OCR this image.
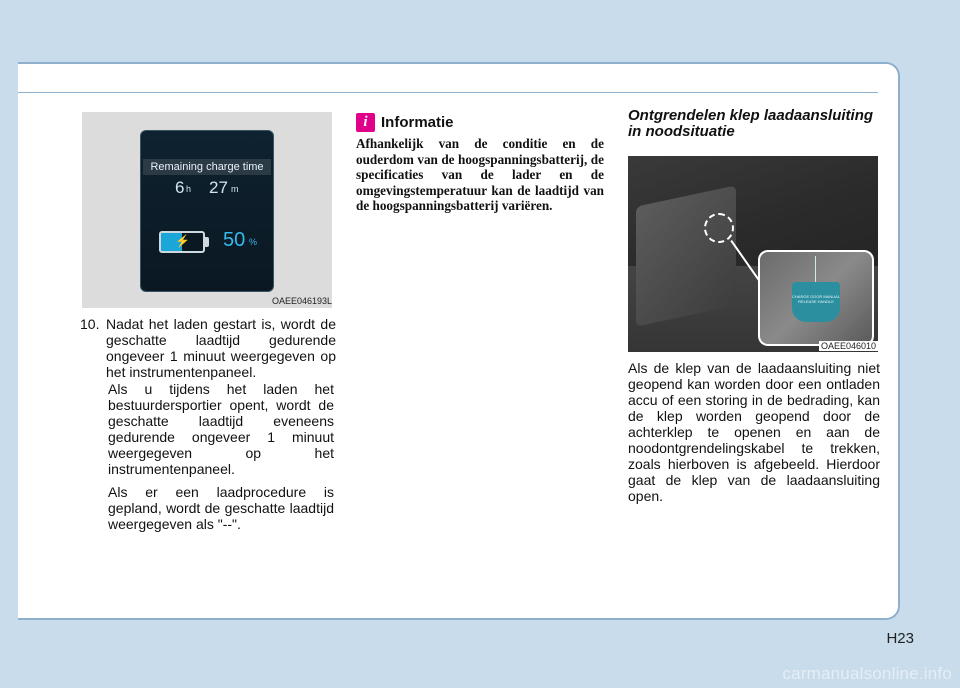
Remaining charge time
6 h 27 m
⚡ 50 %
OAEE046193L
10. Nadat het laden gestart is, wordt de geschatte laadtijd gedurende ongeveer 1 minuut weergegeven op het instrumentenpaneel.
Als u tijdens het laden het bestuurdersportier opent, wordt de geschatte laadtijd eveneens gedurende ongeveer 1 minuut weergegeven op het instrumentenpaneel.
Als er een laadprocedure is gepland, wordt de geschatte laadtijd weergegeven als "--".
i Informatie
Afhankelijk van de conditie en de ouderdom van de hoogspanningsbatterij, de specificaties van de lader en de omgevingstemperatuur kan de laadtijd van de hoogspanningsbatterij variëren.
Ontgrendelen klep laadaansluiting in noodsituatie
CHARGE DOOR MANUAL RELEASE HANDLE
OAEE046010
Als de klep van de laadaansluiting niet geopend kan worden door een ontladen accu of een storing in de bedrading, kan de klep worden geopend door de achterklep te openen en aan de noodontgrendelingskabel te trekken, zoals hierboven is afgebeeld. Hierdoor gaat de klep van de laadaansluiting open.
H23
carmanualsonline.info
